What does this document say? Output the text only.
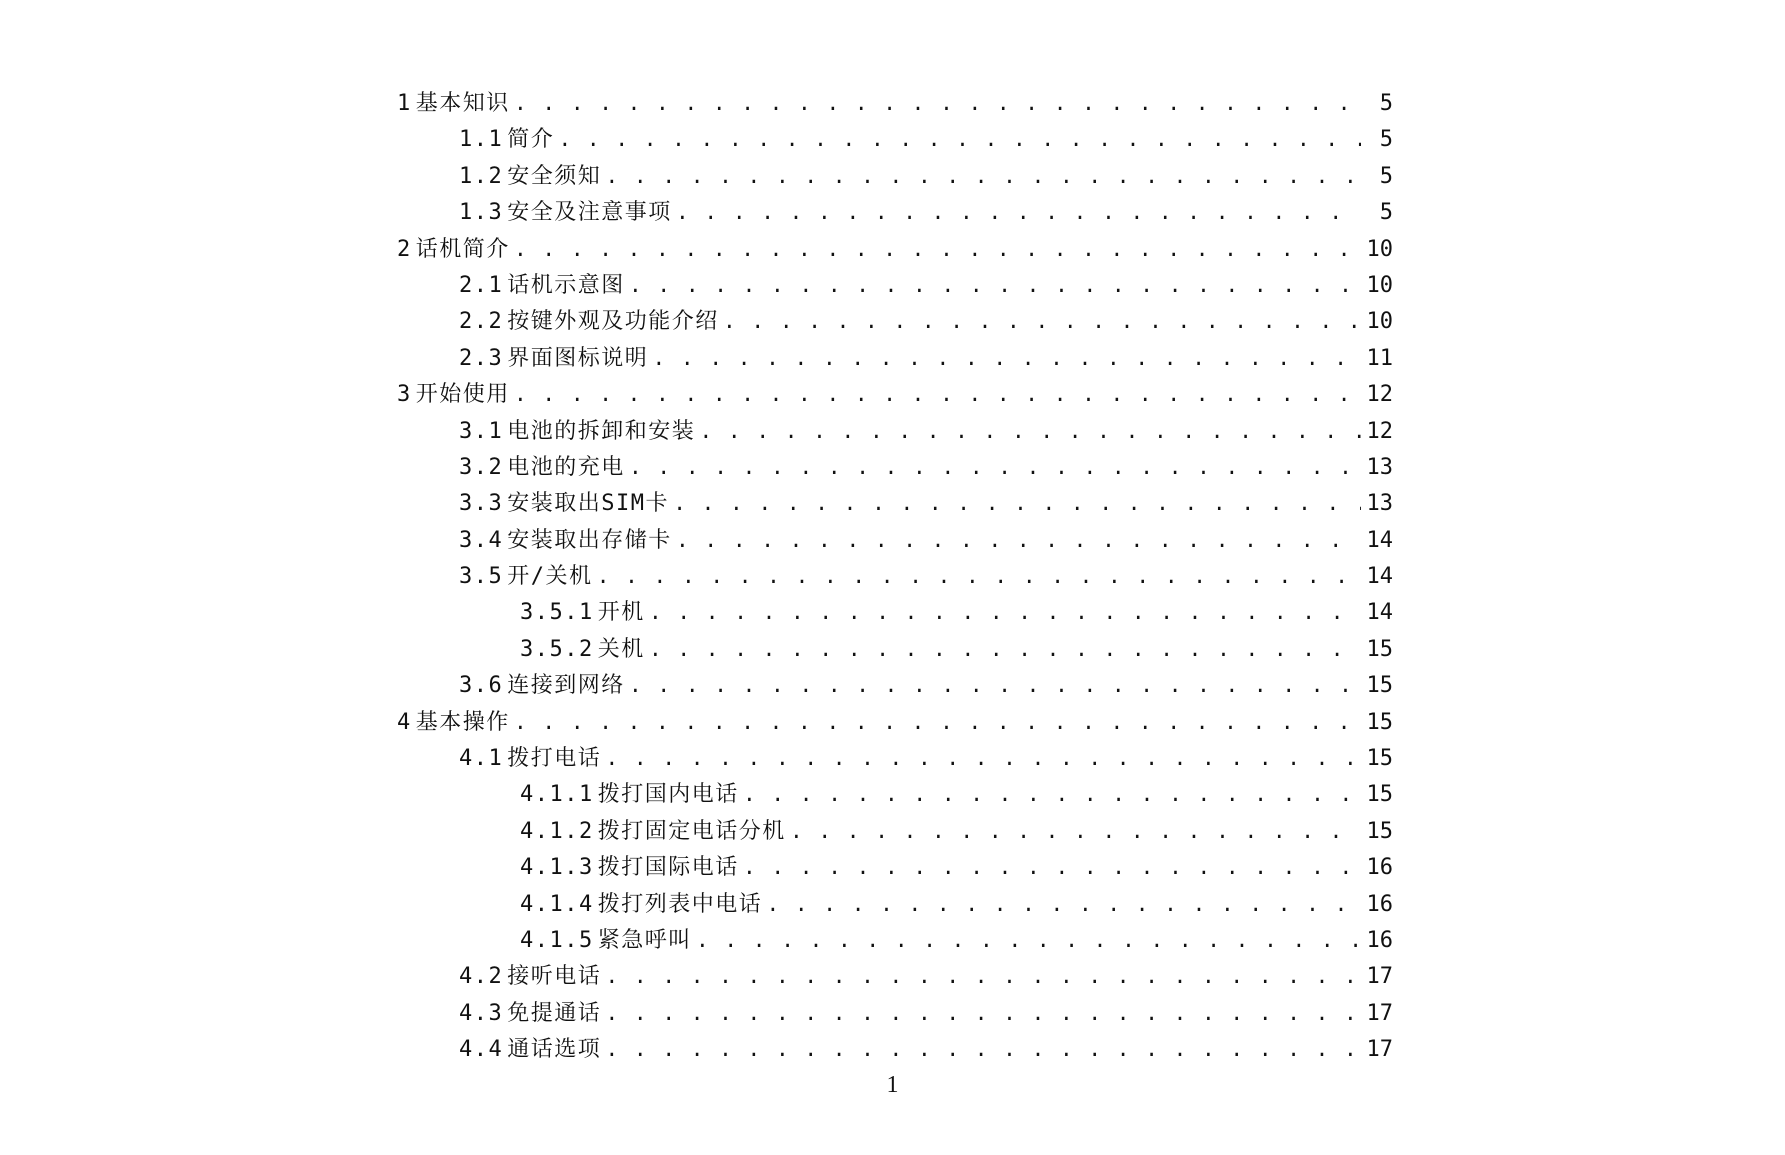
1 基本知识 . . .	5
1.1 简介 . . .	5
1.2 安全须知 . . .	5
1.3 安全及注意事项 . . .	5
2 话机简介 . . .	10
2.1 话机示意图 . . .	10
2.2 按键外观及功能介绍 . . .	10
2.3 界面图标说明 . . .	11
3 开始使用 . . .	12
3.1 电池的拆卸和安装 . . .	12
3.2 电池的充电 . . .	13
3.3 安装取出SIM卡 . . .	13
3.4 安装取出存储卡 . . .	14
3.5 开/关机 . . .	14
3.5.1 开机 . . .	14
3.5.2 关机 . . .	15
3.6 连接到网络 . . .	15
4 基本操作 . . .	15
4.1 拨打电话 . . .	15
4.1.1 拨打国内电话 . . .	15
4.1.2 拨打固定电话分机 . . .	15
4.1.3 拨打国际电话 . . .	16
4.1.4 拨打列表中电话 . . .	16
4.1.5 紧急呼叫 . . .	16
4.2 接听电话 . . .	17
4.3 免提通话 . . .	17
4.4 通话选项 . . .	17
1
